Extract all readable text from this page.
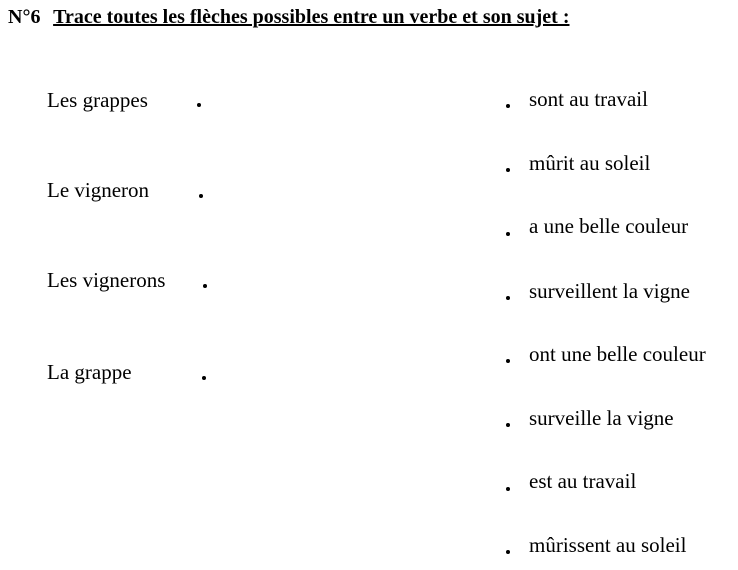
N°6 Trace toutes les flèches possibles entre un verbe et son sujet :
Les grappes
Le vigneron
Les vignerons
La grappe
sont au travail
mûrit au soleil
a une belle couleur
surveillent la vigne
ont une belle couleur
surveille la vigne
est au travail
mûrissent au soleil
